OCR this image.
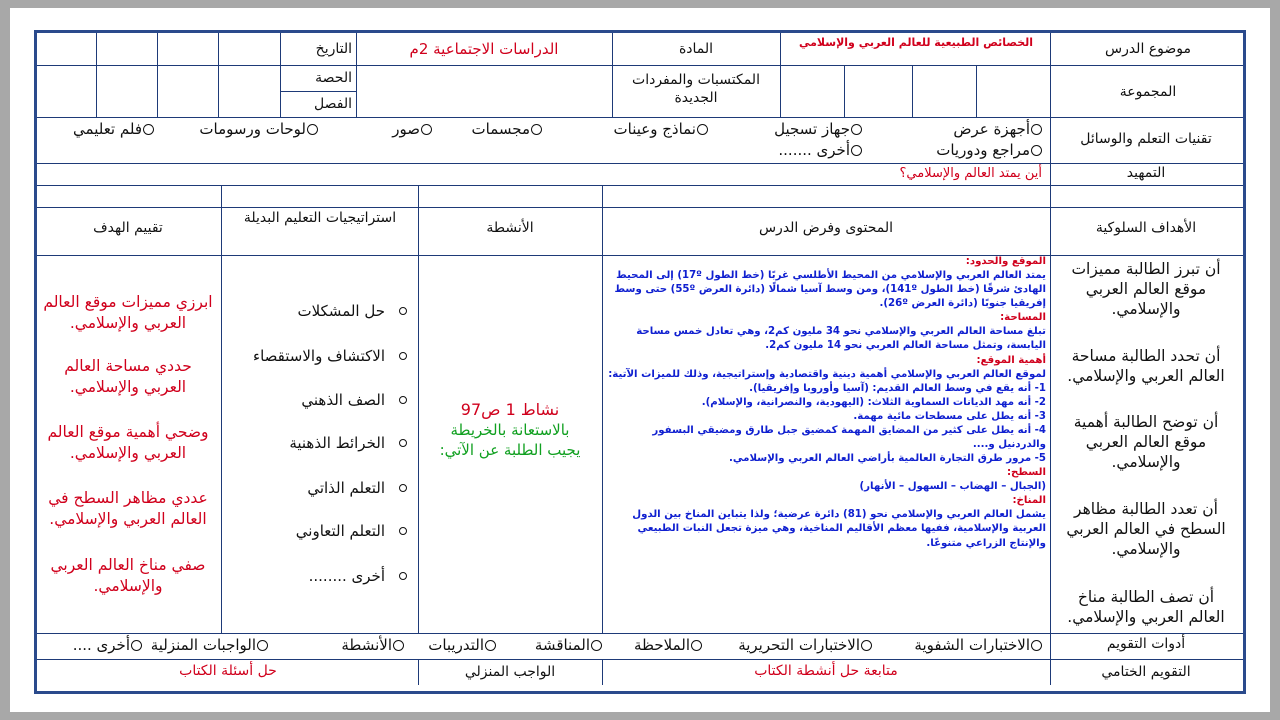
موضوع الدرس
الخصائص الطبيعية للعالم العربي والإسلامي
المادة
الدراسات الاجتماعية 2م
التاريخ
المجموعة
المكتسبات والمفردات الجديدة
الحصة
الفصل
تقنيات التعلم والوسائل
أجهزة عرض
جهاز تسجيل
نماذج وعينات
مجسمات
صور
لوحات ورسومات
فلم تعليمي
مراجع ودوريات
أخرى .......
التمهيد
أين يمتد العالم والإسلامي؟
الأهداف السلوكية
المحتوى وفرض الدرس
الأنشطة
استراتيجيات التعليم البديلة
تقييم الهدف
أن تبرز الطالبة مميزات موقع العالم العربي والإسلامي.
أن تحدد الطالبة مساحة العالم العربي والإسلامي.
أن توضح الطالبة أهمية موقع العالم العربي والإسلامي.
أن تعدد الطالبة مظاهر السطح في العالم العربي والإسلامي.
أن تصف الطالبة مناخ العالم العربي والإسلامي.

الموقع والحدود:

يمتد العالم العربي والإسلامي من المحيط الأطلسي غربًا (خط الطول 17º) إلى المحيط الهادئ شرقًا (خط الطول 141º)، ومن وسط آسيا شمالًا (دائرة العرض 55º) حتى وسط إفريقيا جنوبًا (دائرة العرض 26º).

المساحة:

تبلغ مساحة العالم العربي والإسلامي نحو 34 مليون كم2، وهي تعادل خمس مساحة اليابسة، وتمثل مساحة العالم العربي نحو 14 مليون كم2.

أهمية الموقع:

لموقع العالم العربي والإسلامي أهمية دينية واقتصادية وإستراتيجية، وذلك للميزات الآتية:

1- أنه يقع في وسط العالم القديم: (آسيا وأوروبا وإفريقيا).

2- أنه مهد الديانات السماوية الثلاث: (اليهودية، والنصرانية، والإسلام).

3- أنه يطل على مسطحات مائية مهمة.

4- أنه يطل على كثير من المضايق المهمة كمضيق جبل طارق ومضيقي البسفور والدردنيل و....

5- مرور طرق التجارة العالمية بأراضي العالم العربي والإسلامي.

السطح:

(الجبال – الهضاب – السهول – الأنهار)

المناخ:

يشمل العالم العربي والإسلامي نحو (81) دائرة عرضية؛ ولذا يتباين المناخ بين الدول العربية والإسلامية، ففيها معظم الأقاليم المناخية، وهي ميزة تجعل النبات الطبيعي والإنتاج الزراعي متنوعًا.

نشاط 1 ص97
بالاستعانة بالخريطة
يجيب الطلبة عن الآتي:
حل المشكلات
الاكتشاف والاستقصاء
الصف الذهني
الخرائط الذهنية
التعلم الذاتي
التعلم التعاوني
أخرى ........
ابرزي مميزات موقع العالم العربي والإسلامي.
حددي مساحة العالم العربي والإسلامي.
وضحي أهمية موقع العالم العربي والإسلامي.
عددي مظاهر السطح في العالم العربي والإسلامي.
صفي مناخ العالم العربي والإسلامي.
أدوات التقويم
الاختبارات الشفوية
الاختبارات التحريرية
الملاحظة
المناقشة
التدريبات
الأنشطة
الواجبات المنزلية
أخرى ....
التقويم الختامي
متابعة حل أنشطة الكتاب
الواجب المنزلي
حل أسئلة الكتاب
